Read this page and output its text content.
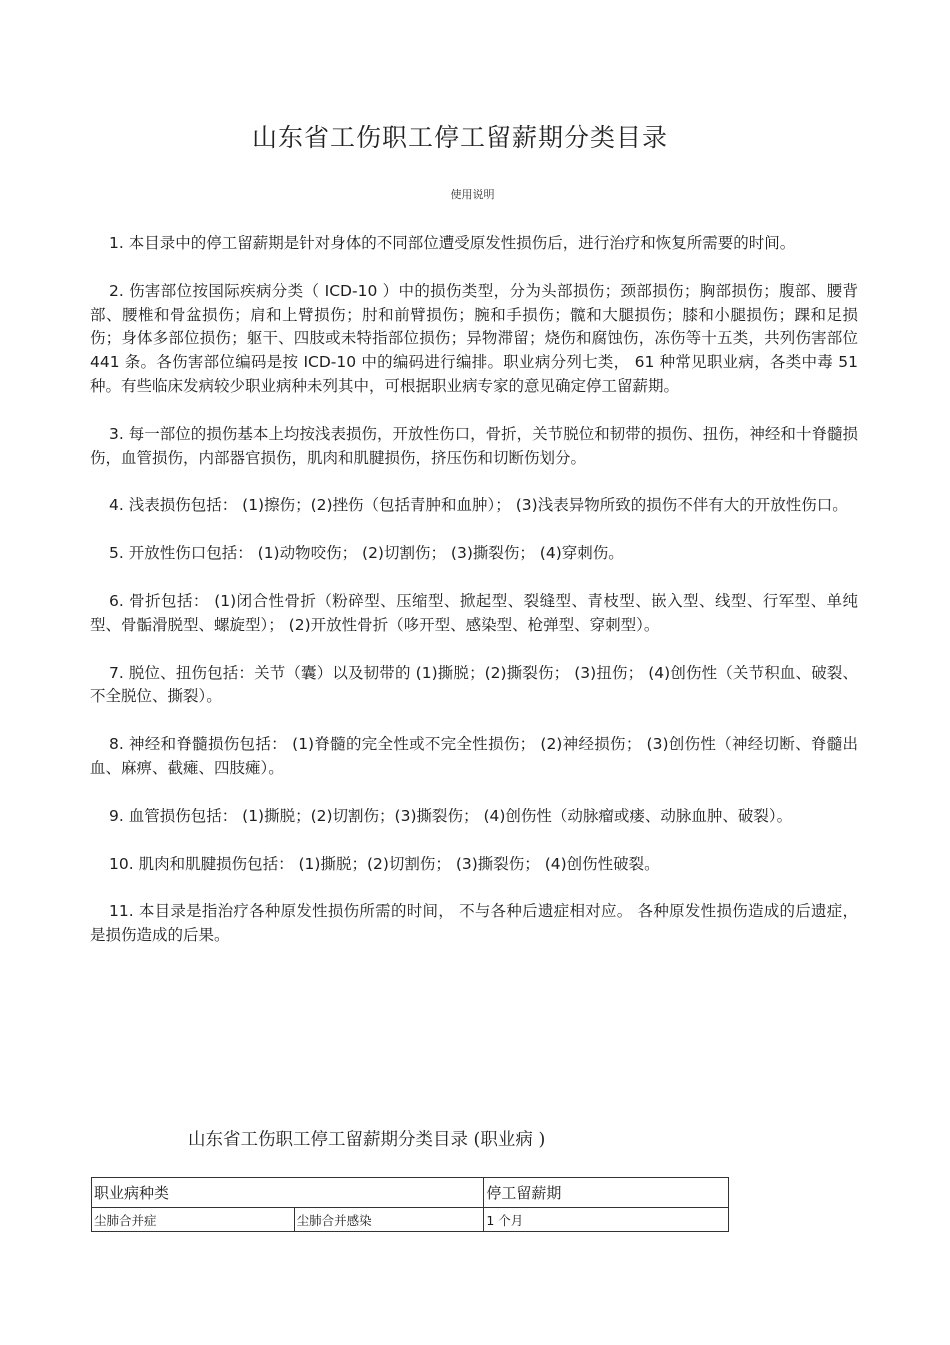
山东省工伤职工停工留薪期分类目录
使用说明

1. 本目录中的停工留薪期是针对身体的不同部位遭受原发性损伤后，进行治疗和恢复所需要的时间。

2. 伤害部位按国际疾病分类（ ICD-10 ）中的损伤类型，分为头部损伤；颈部损伤；胸部损伤；腹部、腰背部、腰椎和骨盆损伤；肩和上臂损伤；肘和前臂损伤；腕和手损伤；髋和大腿损伤；膝和小腿损伤；踝和足损伤；身体多部位损伤；躯干、四肢或未特指部位损伤；异物滞留；烧伤和腐蚀伤，冻伤等十五类，共列伤害部位 441 条。各伤害部位编码是按 ICD-10 中的编码进行编排。职业病分列七类， 61 种常见职业病，各类中毒 51 种。有些临床发病较少职业病种未列其中，可根据职业病专家的意见确定停工留薪期。

3. 每一部位的损伤基本上均按浅表损伤，开放性伤口，骨折，关节脱位和韧带的损伤、扭伤，神经和十脊髓损伤，血管损伤，内部器官损伤，肌肉和肌腱损伤，挤压伤和切断伤划分。

4. 浅表损伤包括： (1)擦伤；(2)挫伤（包括青肿和血肿）； (3)浅表异物所致的损伤不伴有大的开放性伤口。

5. 开放性伤口包括： (1)动物咬伤； (2)切割伤； (3)撕裂伤； (4)穿刺伤。

6. 骨折包括： (1)闭合性骨折（粉碎型、压缩型、掀起型、裂缝型、青枝型、嵌入型、线型、行军型、单纯型、骨骺滑脱型、螺旋型）； (2)开放性骨折（哆开型、感染型、枪弹型、穿刺型）。

7. 脱位、扭伤包括：关节（囊）以及韧带的 (1)撕脱；(2)撕裂伤； (3)扭伤； (4)创伤性（关节积血、破裂、不全脱位、撕裂）。

8. 神经和脊髓损伤包括： (1)脊髓的完全性或不完全性损伤； (2)神经损伤； (3)创伤性（神经切断、脊髓出血、麻痹、截瘫、四肢瘫）。

9. 血管损伤包括： (1)撕脱；(2)切割伤；(3)撕裂伤； (4)创伤性（动脉瘤或瘘、动脉血肿、破裂）。

10. 肌肉和肌腱损伤包括： (1)撕脱；(2)切割伤； (3)撕裂伤； (4)创伤性破裂。

11. 本目录是指治疗各种原发性损伤所需的时间， 不与各种后遗症相对应。 各种原发性损伤造成的后遗症，是损伤造成的后果。

山东省工伤职工停工留薪期分类目录 (职业病 )
职业病种类		停工留薪期
尘肺合并症	尘肺合并感染	1 个月
